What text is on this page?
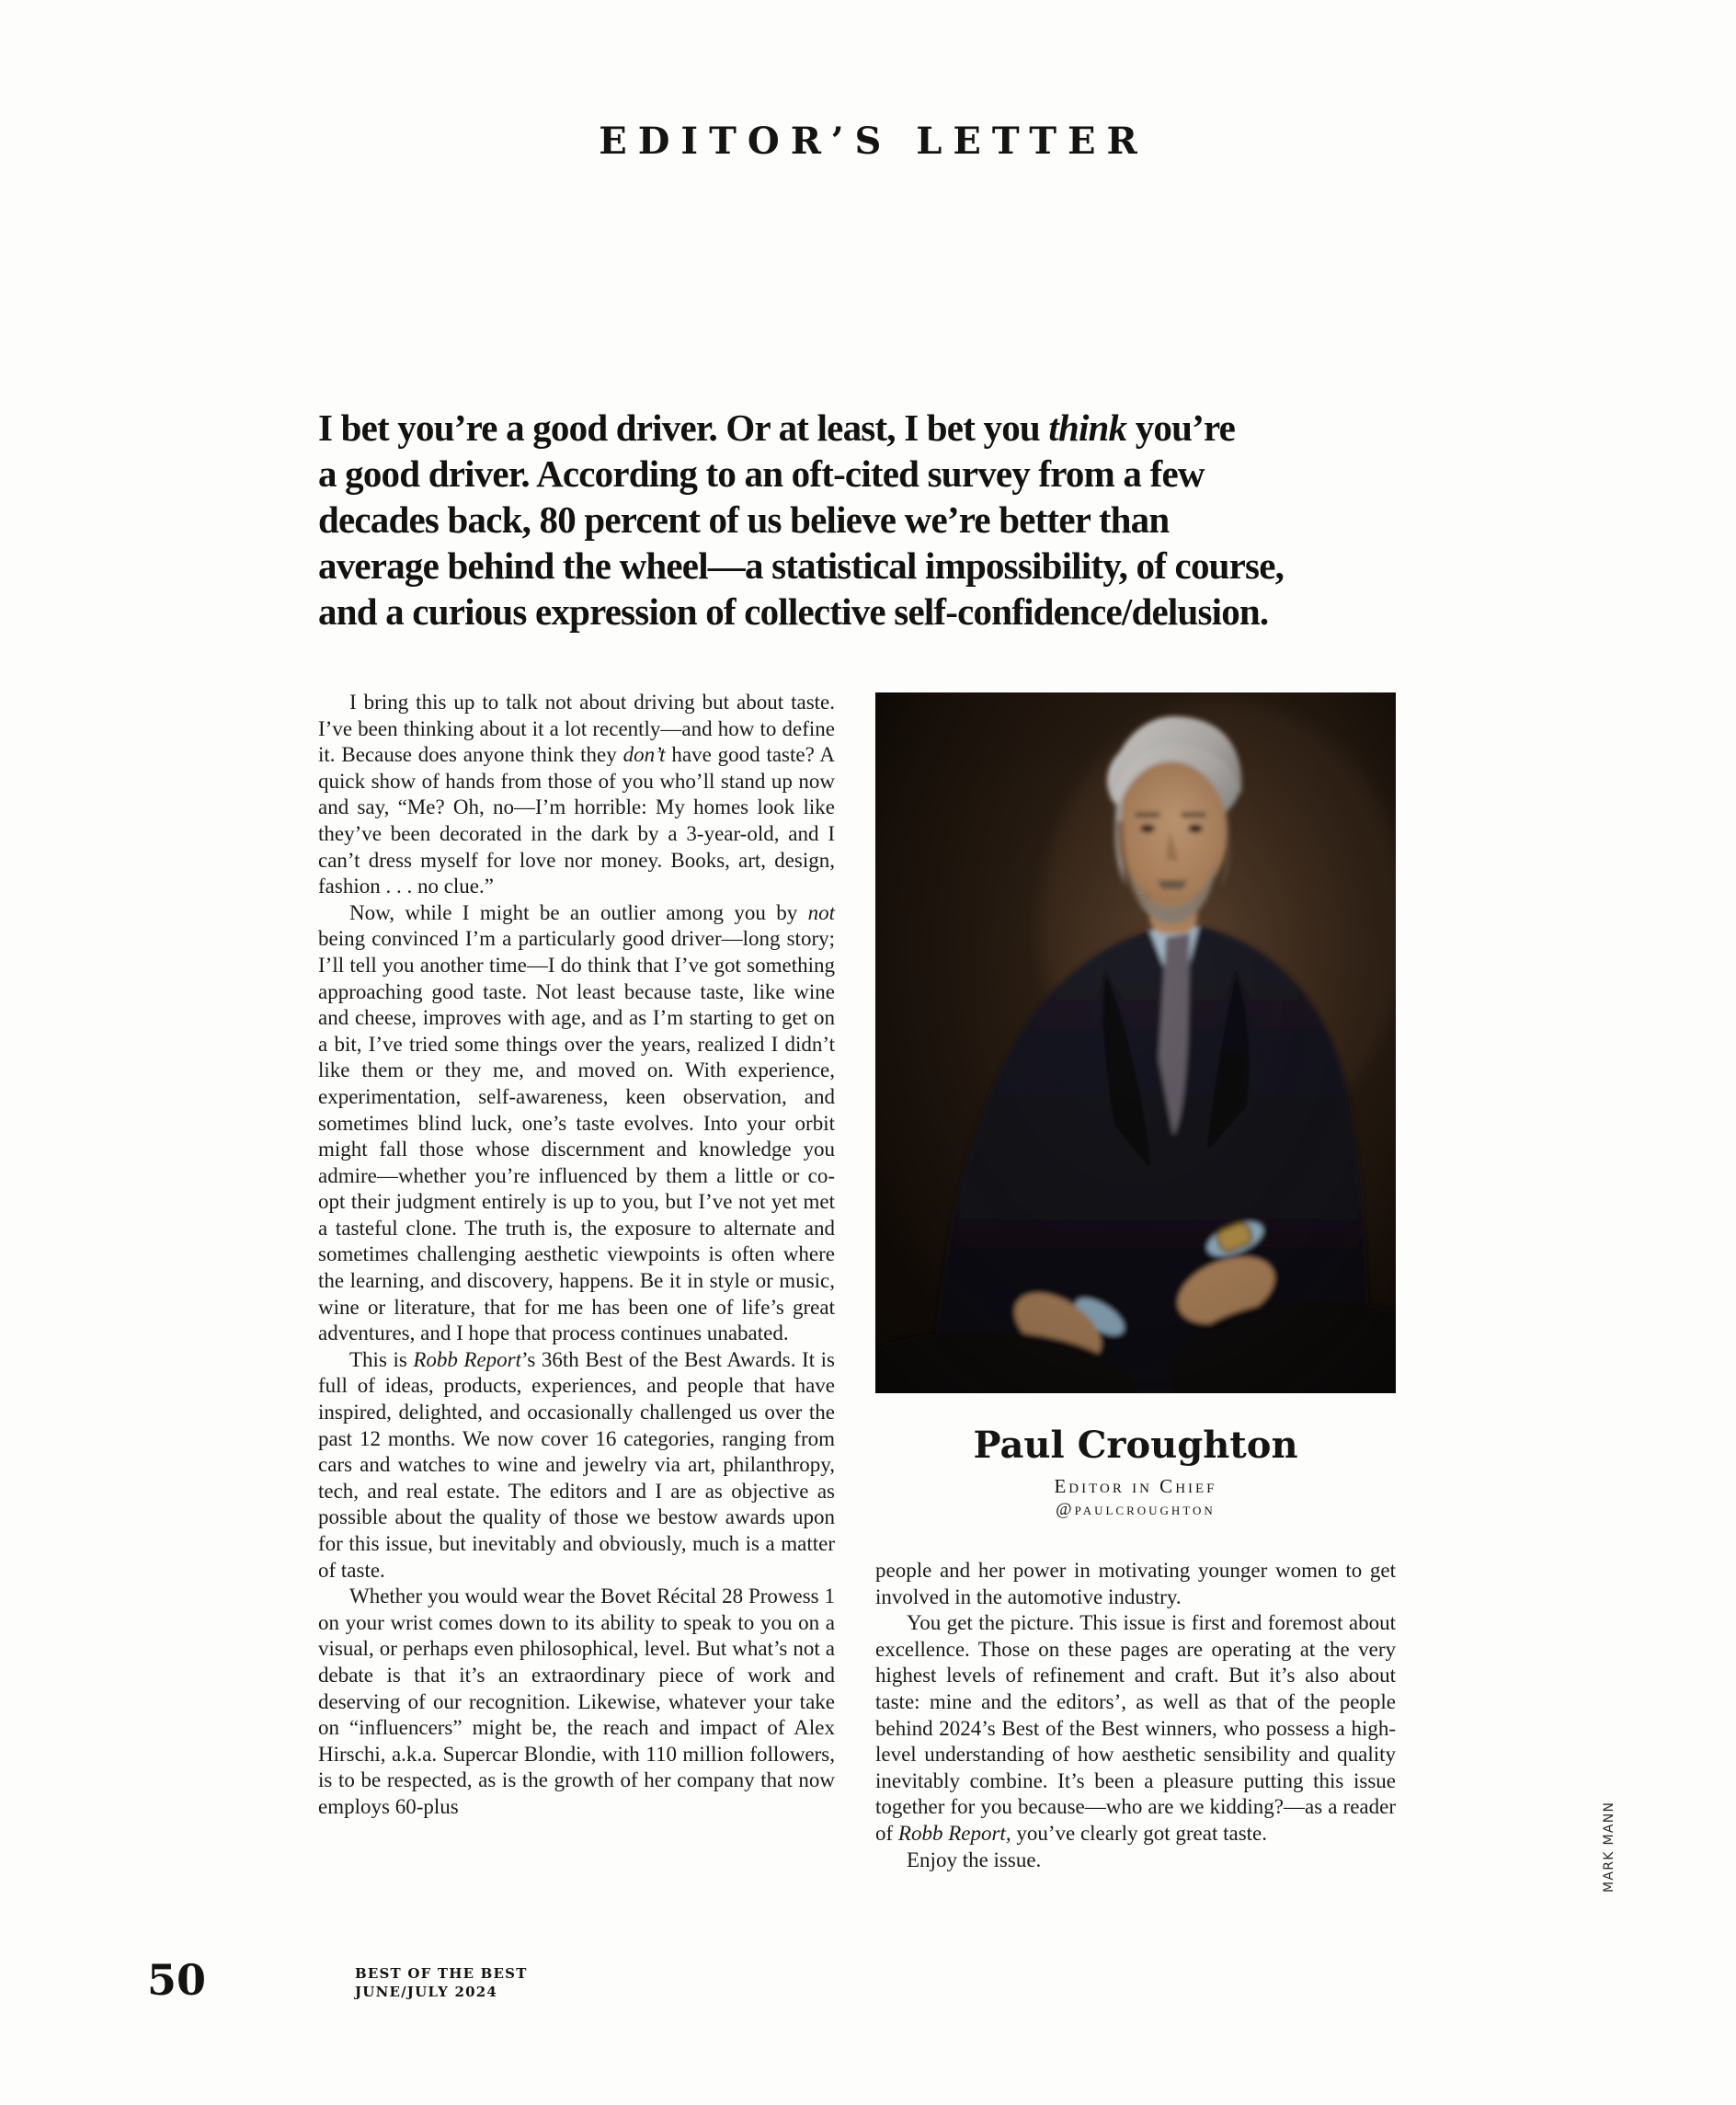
EDITOR’S LETTER
I bet you’re a good driver. Or at least, I bet you think you’re
a good driver. According to an oft-cited survey from a few
decades back, 80 percent of us believe we’re better than
average behind the wheel—a statistical impossibility, of course,
and a curious expression of collective self-confidence/delusion.

I bring this up to talk not about driving but about taste. I’ve been thinking about it a lot recently—and how to define it. Because does anyone think they don’t have good taste? A quick show of hands from those of you who’ll stand up now and say, “Me? Oh, no—I’m horrible: My homes look like they’ve been decorated in the dark by a 3-year-old, and I can’t dress myself for love nor money. Books, art, design, fashion . . . no clue.”

Now, while I might be an outlier among you by not being convinced I’m a particularly good driver—long story; I’ll tell you another time—I do think that I’ve got something approaching good taste. Not least because taste, like wine and cheese, improves with age, and as I’m starting to get on a bit, I’ve tried some things over the years, realized I didn’t like them or they me, and moved on. With experience, experimentation, self-awareness, keen observation, and sometimes blind luck, one’s taste evolves. Into your orbit might fall those whose discernment and knowledge you admire—whether you’re influenced by them a little or co-opt their judgment entirely is up to you, but I’ve not yet met a tasteful clone. The truth is, the exposure to alternate and sometimes challenging aesthetic viewpoints is often where the learning, and discovery, happens. Be it in style or music, wine or literature, that for me has been one of life’s great adventures, and I hope that process continues unabated.

This is Robb Report’s 36th Best of the Best Awards. It is full of ideas, products, experiences, and people that have inspired, delighted, and occasionally challenged us over the past 12 months. We now cover 16 categories, ranging from cars and watches to wine and jewelry via art, philanthropy, tech, and real estate. The editors and I are as objective as possible about the quality of those we bestow awards upon for this issue, but inevitably and obviously, much is a matter of taste.

Whether you would wear the Bovet Récital 28 Prowess 1 on your wrist comes down to its ability to speak to you on a visual, or perhaps even philosophical, level. But what’s not a debate is that it’s an extraordinary piece of work and deserving of our recognition. Likewise, whatever your take on “influencers” might be, the reach and impact of Alex Hirschi, a.k.a. Supercar Blondie, with 110 million followers, is to be respected, as is the growth of her company that now employs 60-plus

Paul Croughton
Editor in Chief
@paulcroughton

people and her power in motivating younger women to get involved in the automotive industry.

You get the picture. This issue is first and foremost about excellence. Those on these pages are operating at the very highest levels of refinement and craft. But it’s also about taste: mine and the editors’, as well as that of the people behind 2024’s Best of the Best winners, who possess a high-level understanding of how aesthetic sensibility and quality inevitably combine. It’s been a pleasure putting this issue together for you because—who are we kidding?—as a reader of Robb Report, you’ve clearly got great taste.

Enjoy the issue.	MARK MANN
50	BEST OF THE BEST
JUNE/JULY 2024
